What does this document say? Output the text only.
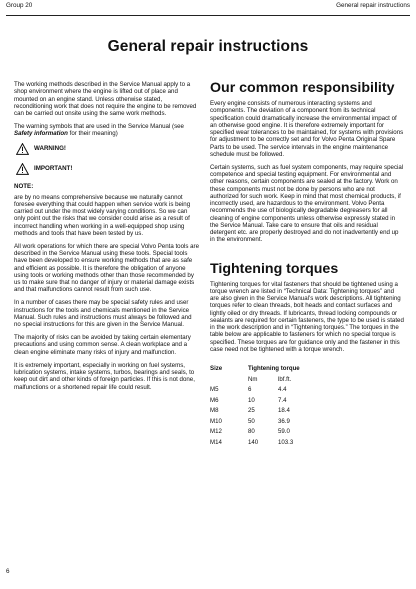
Group 20	General repair instructions
General repair instructions

The working methods described in the Service Manual apply to a shop environment where the engine is lifted out of place and mounted on an engine stand. Unless otherwise stated, reconditioning work that does not require the engine to be removed can be carried out onsite using the same work methods.

The warning symbols that are used in the Service Manual (see Safety information for their meaning)

WARNING!
IMPORTANT!
NOTE:

are by no means comprehensive because we naturally cannot foresee everything that could happen when service work is being carried out under the most widely varying conditions. So we can only point out the risks that we consider could arise as a result of incorrect handling when working in a well-equipped shop using methods and tools that have been tested by us.

All work operations for which there are special Volvo Penta tools are described in the Service Manual using these tools. Special tools have been developed to ensure working methods that are as safe and efficient as possible. It is therefore the obligation of anyone using tools or working methods other than those recommended by us to make sure that no danger of injury or material damage exists and that malfunctions cannot result from such use.

In a number of cases there may be special safety rules and user instructions for the tools and chemicals mentioned in the Service Manual. Such rules and instructions must always be followed and no special instructions for this are given in the Service Manual.

The majority of risks can be avoided by taking certain elementary precautions and using common sense. A clean workplace and a clean engine eliminate many risks of injury and malfunction.

It is extremely important, especially in working on fuel systems, lubrication systems, intake systems, turbos, bearings and seals, to keep out dirt and other kinds of foreign particles. If this is not done, malfunctions or a shortened repair life could result.

Our common responsibility

Every engine consists of numerous interacting systems and components. The deviation of a component from its technical specification could dramatically increase the environmental impact of an otherwise good engine. It is therefore extremely important for specified wear tolerances to be maintained, for systems with provisions for adjustment to be correctly set and for Volvo Penta Original Spare Parts to be used. The service intervals in the engine maintenance schedule must be followed.

Certain systems, such as fuel system components, may require special competence and special testing equipment. For environmental and other reasons, certain components are sealed at the factory. Work on these components must not be done by persons who are not authorized for such work. Keep in mind that most chemical products, if incorrectly used, are hazardous to the environment. Volvo Penta recommends the use of biologically degradable degreasers for all cleaning of engine components unless otherwise expressly stated in the Service Manual. Take care to ensure that oils and residual detergent etc. are properly destroyed and do not inadvertently end up in the environment.

Tightening torques

Tightening torques for vital fasteners that should be tightened using a torque wrench are listed in “Technical Data: Tightening torques” and are also given in the Service Manual’s work descriptions. All tightening torques refer to clean threads, bolt heads and contact surfaces and lightly oiled or dry threads. If lubricants, thread locking compounds or sealants are required for certain fasteners, the type to be used is stated in the work description and in “Tightening torques.” The torques in the table below are applicable to fasteners for which no special torque is specified. These torques are for guidance only and the fastener in this case need not be tightened with a torque wrench.

Size	Tightening torque	
	Nm	lbf.ft.
M5	6	4.4
M6	10	7.4
M8	25	18.4
M10	50	36.9
M12	80	59.0
M14	140	103.3
6
